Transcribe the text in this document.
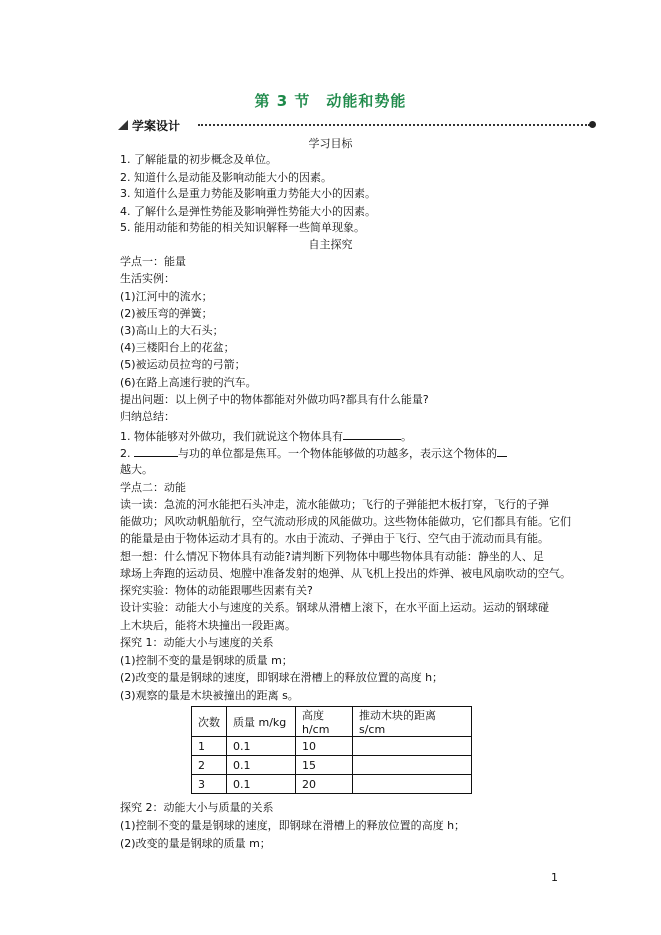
第 3 节　动能和势能
学案设计
学习目标
1. 了解能量的初步概念及单位。
2. 知道什么是动能及影响动能大小的因素。
3. 知道什么是重力势能及影响重力势能大小的因素。
4. 了解什么是弹性势能及影响弹性势能大小的因素。
5. 能用动能和势能的相关知识解释一些简单现象。
自主探究
学点一：能量
生活实例：
(1)江河中的流水；
(2)被压弯的弹簧；
(3)高山上的大石头；
(4)三楼阳台上的花盆；
(5)被运动员拉弯的弓箭；
(6)在路上高速行驶的汽车。
提出问题：以上例子中的物体都能对外做功吗?都具有什么能量?
归纳总结：
1. 物体能够对外做功，我们就说这个物体具有	。
2.	与功的单位都是焦耳。一个物体能够做的功越多，表示这个物体的
越大。
学点二：动能
读一读：急流的河水能把石头冲走，流水能做功；飞行的子弹能把木板打穿，飞行的子弹
能做功；风吹动帆船航行，空气流动形成的风能做功。这些物体能做功，它们都具有能。它们
的能量是由于物体运动才具有的。水由于流动、子弹由于飞行、空气由于流动而具有能。
想一想：什么情况下物体具有动能?请判断下列物体中哪些物体具有动能：静坐的人、足
球场上奔跑的运动员、炮膛中准备发射的炮弹、从飞机上投出的炸弹、被电风扇吹动的空气。
探究实验：物体的动能跟哪些因素有关?
设计实验：动能大小与速度的关系。钢球从滑槽上滚下，在水平面上运动。运动的钢球碰
上木块后，能将木块撞出一段距离。
探究 1：动能大小与速度的关系
(1)控制不变的量是钢球的质量 m；
(2)改变的量是钢球的速度，即钢球在滑槽上的释放位置的高度 h；
(3)观察的量是木块被撞出的距离 s。
次数	质量 m/kg	高度 h/cm	推动木块的距离 s/cm
1	0.1	10	
2	0.1	15	
3	0.1	20	
探究 2：动能大小与质量的关系
(1)控制不变的量是钢球的速度，即钢球在滑槽上的释放位置的高度 h；
(2)改变的量是钢球的质量 m；
1
